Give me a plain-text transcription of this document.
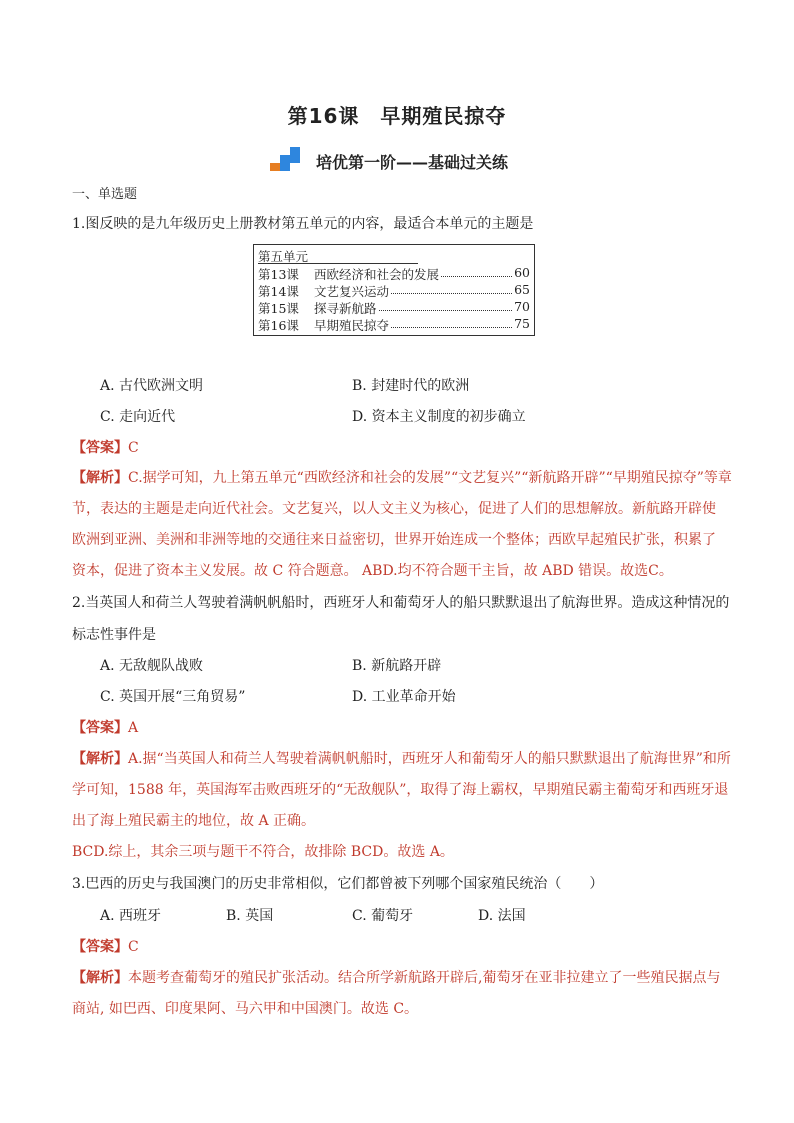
第16课　早期殖民掠夺
培优第一阶——基础过关练
一、单选题
1.图反映的是九年级历史上册教材第五单元的内容，最适合本单元的主题是
第五单元
第13课	西欧经济和社会的发展	60
第14课	文艺复兴运动	65
第15课	探寻新航路	70
第16课	早期殖民掠夺	75
A. 古代欧洲文明	B. 封建时代的欧洲
C. 走向近代	D. 资本主义制度的初步确立
【答案】C
【解析】C.据学可知，九上第五单元“西欧经济和社会的发展”“文艺复兴”“新航路开辟”“早期殖民掠夺”等章
节，表达的主题是走向近代社会。文艺复兴，以人文主义为核心，促进了人们的思想解放。新航路开辟使
欧洲到亚洲、美洲和非洲等地的交通往来日益密切，世界开始连成一个整体；西欧早起殖民扩张，积累了
资本，促进了资本主义发展。故 C 符合题意。 ABD.均不符合题干主旨，故 ABD 错误。故选C。
2.当英国人和荷兰人驾驶着满帆帆船时，西班牙人和葡萄牙人的船只默默退出了航海世界。造成这种情况的
标志性事件是
A. 无敌舰队战败	B. 新航路开辟
C. 英国开展“三角贸易”	D. 工业革命开始
【答案】A
【解析】A.据“当英国人和荷兰人驾驶着满帆帆船时，西班牙人和葡萄牙人的船只默默退出了航海世界”和所
学可知，1588 年，英国海军击败西班牙的“无敌舰队”，取得了海上霸权，早期殖民霸主葡萄牙和西班牙退
出了海上殖民霸主的地位，故 A 正确。
BCD.综上，其余三项与题干不符合，故排除 BCD。故选 A。
3.巴西的历史与我国澳门的历史非常相似，它们都曾被下列哪个国家殖民统治（　　）
A. 西班牙	B. 英国	C. 葡萄牙	D. 法国
【答案】C
【解析】本题考查葡萄牙的殖民扩张活动。结合所学新航路开辟后,葡萄牙在亚非拉建立了一些殖民据点与
商站, 如巴西、印度果阿、马六甲和中国澳门。故选 C。
